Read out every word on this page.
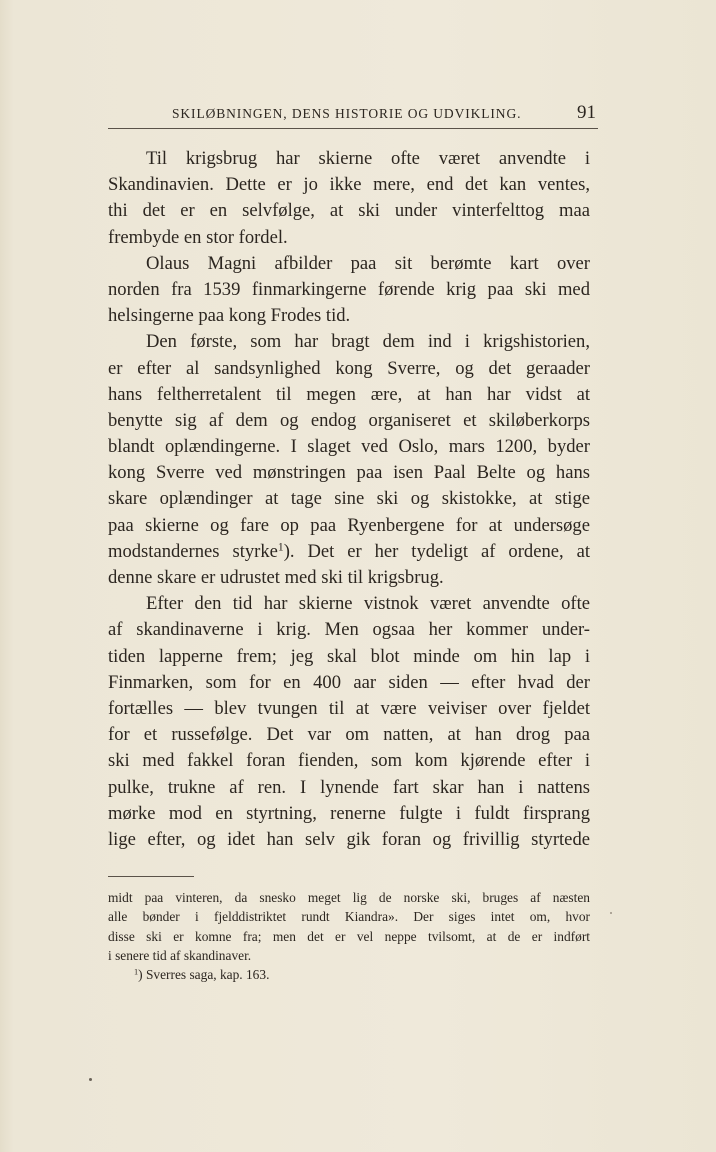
SKILØBNINGEN, DENS HISTORIE OG UDVIKLING.	91
Til krigsbrug har skierne ofte været anvendte i
Skandinavien. Dette er jo ikke mere, end det kan ventes,
thi det er en selvfølge, at ski under vinterfelttog maa
frembyde en stor fordel.
Olaus Magni afbilder paa sit berømte kart over
norden fra 1539 finmarkingerne førende krig paa ski med
helsingerne paa kong Frodes tid.
Den første, som har bragt dem ind i krigshistorien,
er efter al sandsynlighed kong Sverre, og det geraader
hans feltherretalent til megen ære, at han har vidst at
benytte sig af dem og endog organiseret et skiløberkorps
blandt oplændingerne. I slaget ved Oslo, mars 1200, byder
kong Sverre ved mønstringen paa isen Paal Belte og hans
skare oplændinger at tage sine ski og skistokke, at stige
paa skierne og fare op paa Ryenbergene for at undersøge
modstandernes styrke$^1$). Det er her tydeligt af ordene, at
denne skare er udrustet med ski til krigsbrug.
Efter den tid har skierne vistnok været anvendte ofte
af skandinaverne i krig. Men ogsaa her kommer under-
tiden lapperne frem; jeg skal blot minde om hin lap i
Finmarken, som for en 400 aar siden — efter hvad der
fortælles — blev tvungen til at være veiviser over fjeldet
for et russefølge. Det var om natten, at han drog paa
ski med fakkel foran fienden, som kom kjørende efter i
pulke, trukne af ren. I lynende fart skar han i nattens
mørke mod en styrtning, renerne fulgte i fuldt firsprang
lige efter, og idet han selv gik foran og frivillig styrtede
midt paa vinteren, da snesko meget lig de norske ski, bruges af næsten
alle bønder i fjelddistriktet rundt Kiandra». Der siges intet om, hvor
disse ski er komne fra; men det er vel neppe tvilsomt, at de er indført
i senere tid af skandinaver.
$^1$) Sverres saga, kap. 163.
